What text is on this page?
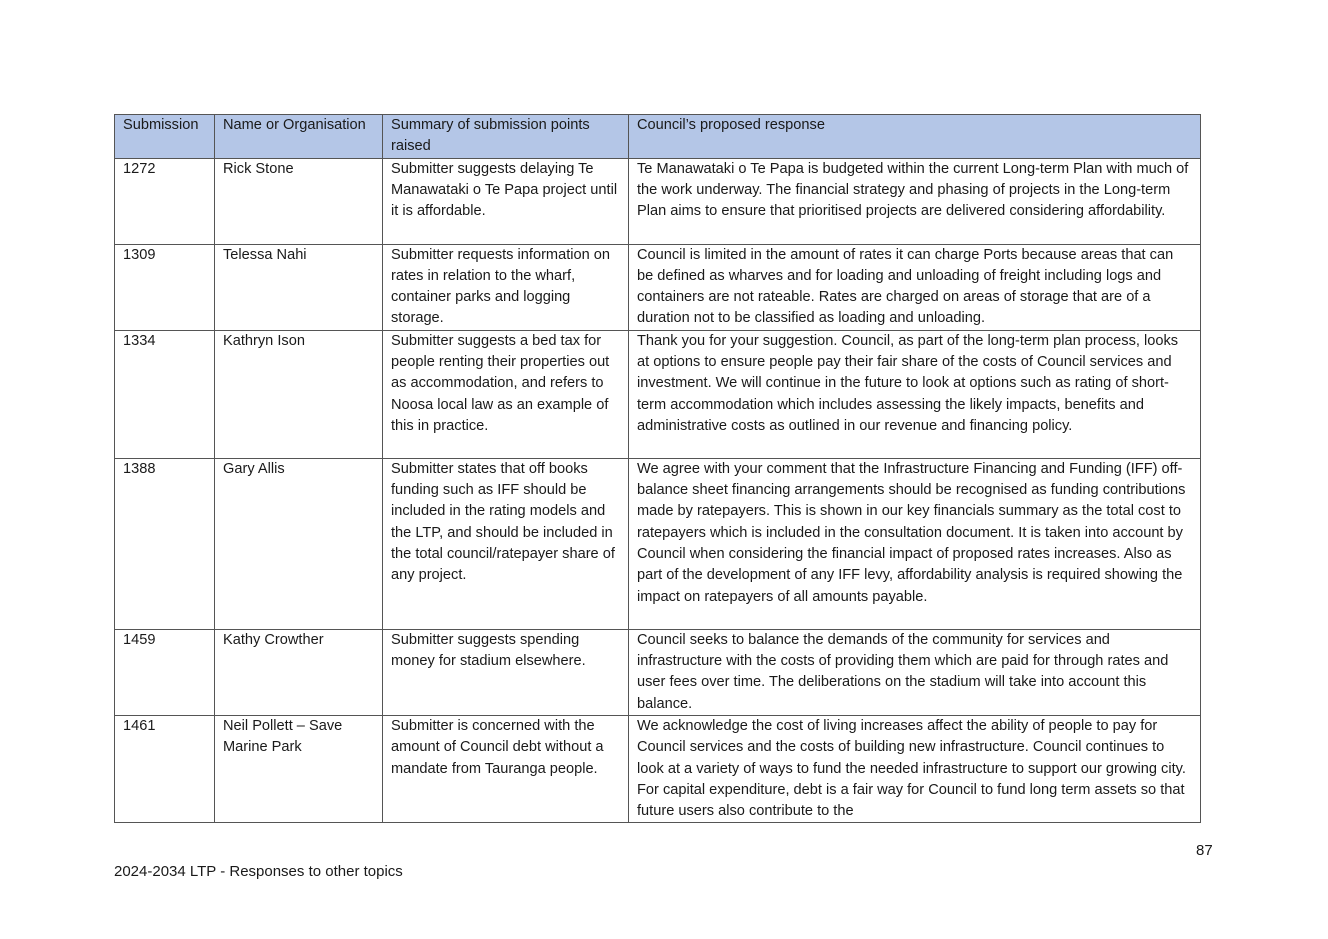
Submission	Name or Organisation	Summary of submission points raised	Council’s proposed response
1272	Rick Stone	Submitter suggests delaying Te Manawataki o Te Papa project until it is affordable.	Te Manawataki o Te Papa is budgeted within the current Long-term Plan with much of the work underway. The financial strategy and phasing of projects in the Long-term Plan aims to ensure that prioritised projects are delivered considering affordability.
1309	Telessa Nahi	Submitter requests information on rates in relation to the wharf, container parks and logging storage.	Council is limited in the amount of rates it can charge Ports because areas that can be defined as wharves and for loading and unloading of freight including logs and containers are not rateable. Rates are charged on areas of storage that are of a duration not to be classified as loading and unloading.
1334	Kathryn Ison	Submitter suggests a bed tax for people renting their properties out as accommodation, and refers to Noosa local law as an example of this in practice.	Thank you for your suggestion. Council, as part of the long-term plan process, looks at options to ensure people pay their fair share of the costs of Council services and investment. We will continue in the future to look at options such as rating of short-term accommodation which includes assessing the likely impacts, benefits and administrative costs as outlined in our revenue and financing policy.
1388	Gary Allis	Submitter states that off books funding such as IFF should be included in the rating models and the LTP, and should be included in the total council/ratepayer share of any project.	We agree with your comment that the Infrastructure Financing and Funding (IFF) off-balance sheet financing arrangements should be recognised as funding contributions made by ratepayers. This is shown in our key financials summary as the total cost to ratepayers which is included in the consultation document. It is taken into account by Council when considering the financial impact of proposed rates increases. Also as part of the development of any IFF levy, affordability analysis is required showing the impact on ratepayers of all amounts payable.
1459	Kathy Crowther	Submitter suggests spending money for stadium elsewhere.	Council seeks to balance the demands of the community for services and infrastructure with the costs of providing them which are paid for through rates and user fees over time. The deliberations on the stadium will take into account this balance.
1461	Neil Pollett – Save Marine Park	Submitter is concerned with the amount of Council debt without a mandate from Tauranga people.	We acknowledge the cost of living increases affect the ability of people to pay for Council services and the costs of building new infrastructure. Council continues to look at a variety of ways to fund the needed infrastructure to support our growing city. For capital expenditure, debt is a fair way for Council to fund long term assets so that future users also contribute to the
87
2024-2034 LTP - Responses to other topics
